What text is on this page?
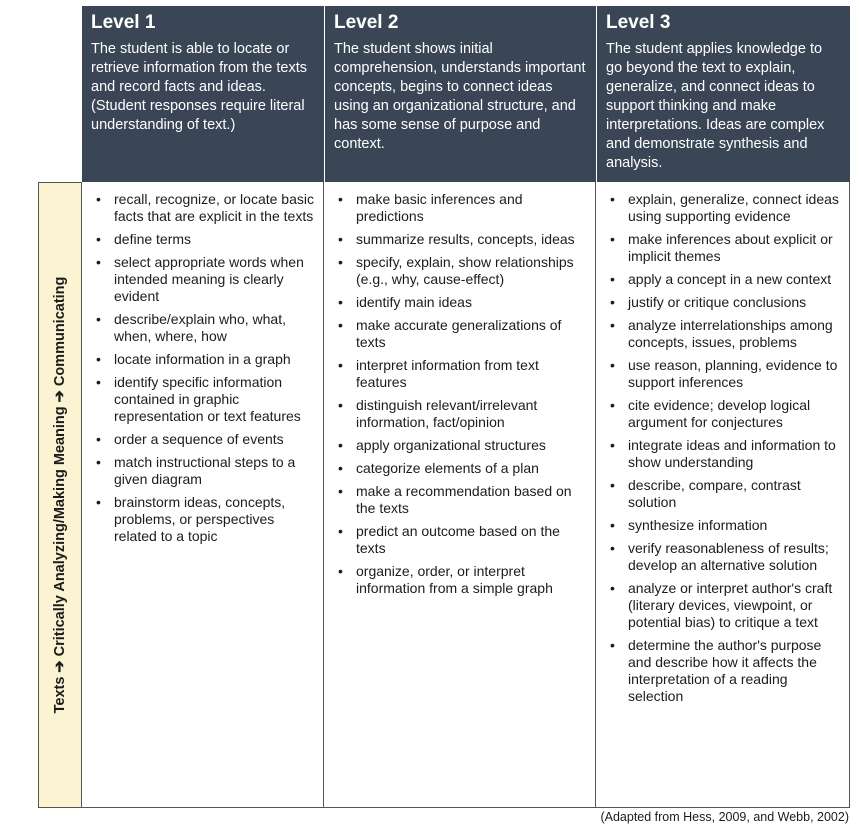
Level 1
The student is able to locate or retrieve information from the texts and record facts and ideas. (Student responses require literal understanding of text.)
Level 2
The student shows initial comprehension, understands important concepts, begins to connect ideas using an organizational structure, and has some sense of purpose and context.
Level 3
The student applies knowledge to go beyond the text to explain, generalize, and connect ideas to support thinking and make interpretations. Ideas are complex and demonstrate synthesis and analysis.
Texts ➔ Critically Analyzing/Making Meaning ➔ Communicating
• recall, recognize, or locate basic facts that are explicit in the texts
• define terms
• select appropriate words when intended meaning is clearly evident
• describe/explain who, what, when, where, how
• locate information in a graph
• identify specific information contained in graphic representation or text features
• order a sequence of events
• match instructional steps to a given diagram
• brainstorm ideas, concepts, problems, or perspectives related to a topic
• make basic inferences and predictions
• summarize results, concepts, ideas
• specify, explain, show relationships (e.g., why, cause-effect)
• identify main ideas
• make accurate generalizations of texts
• interpret information from text features
• distinguish relevant/irrelevant information, fact/opinion
• apply organizational structures
• categorize elements of a plan
• make a recommendation based on the texts
• predict an outcome based on the texts
• organize, order, or interpret information from a simple graph
• explain, generalize, connect ideas using supporting evidence
• make inferences about explicit or implicit themes
• apply a concept in a new context
• justify or critique conclusions
• analyze interrelationships among concepts, issues, problems
• use reason, planning, evidence to support inferences
• cite evidence; develop logical argument for conjectures
• integrate ideas and information to show understanding
• describe, compare, contrast solution
• synthesize information
• verify reasonableness of results; develop an alternative solution
• analyze or interpret author's craft (literary devices, viewpoint, or potential bias) to critique a text
• determine the author's purpose and describe how it affects the interpretation of a reading selection
(Adapted from Hess, 2009, and Webb, 2002)
